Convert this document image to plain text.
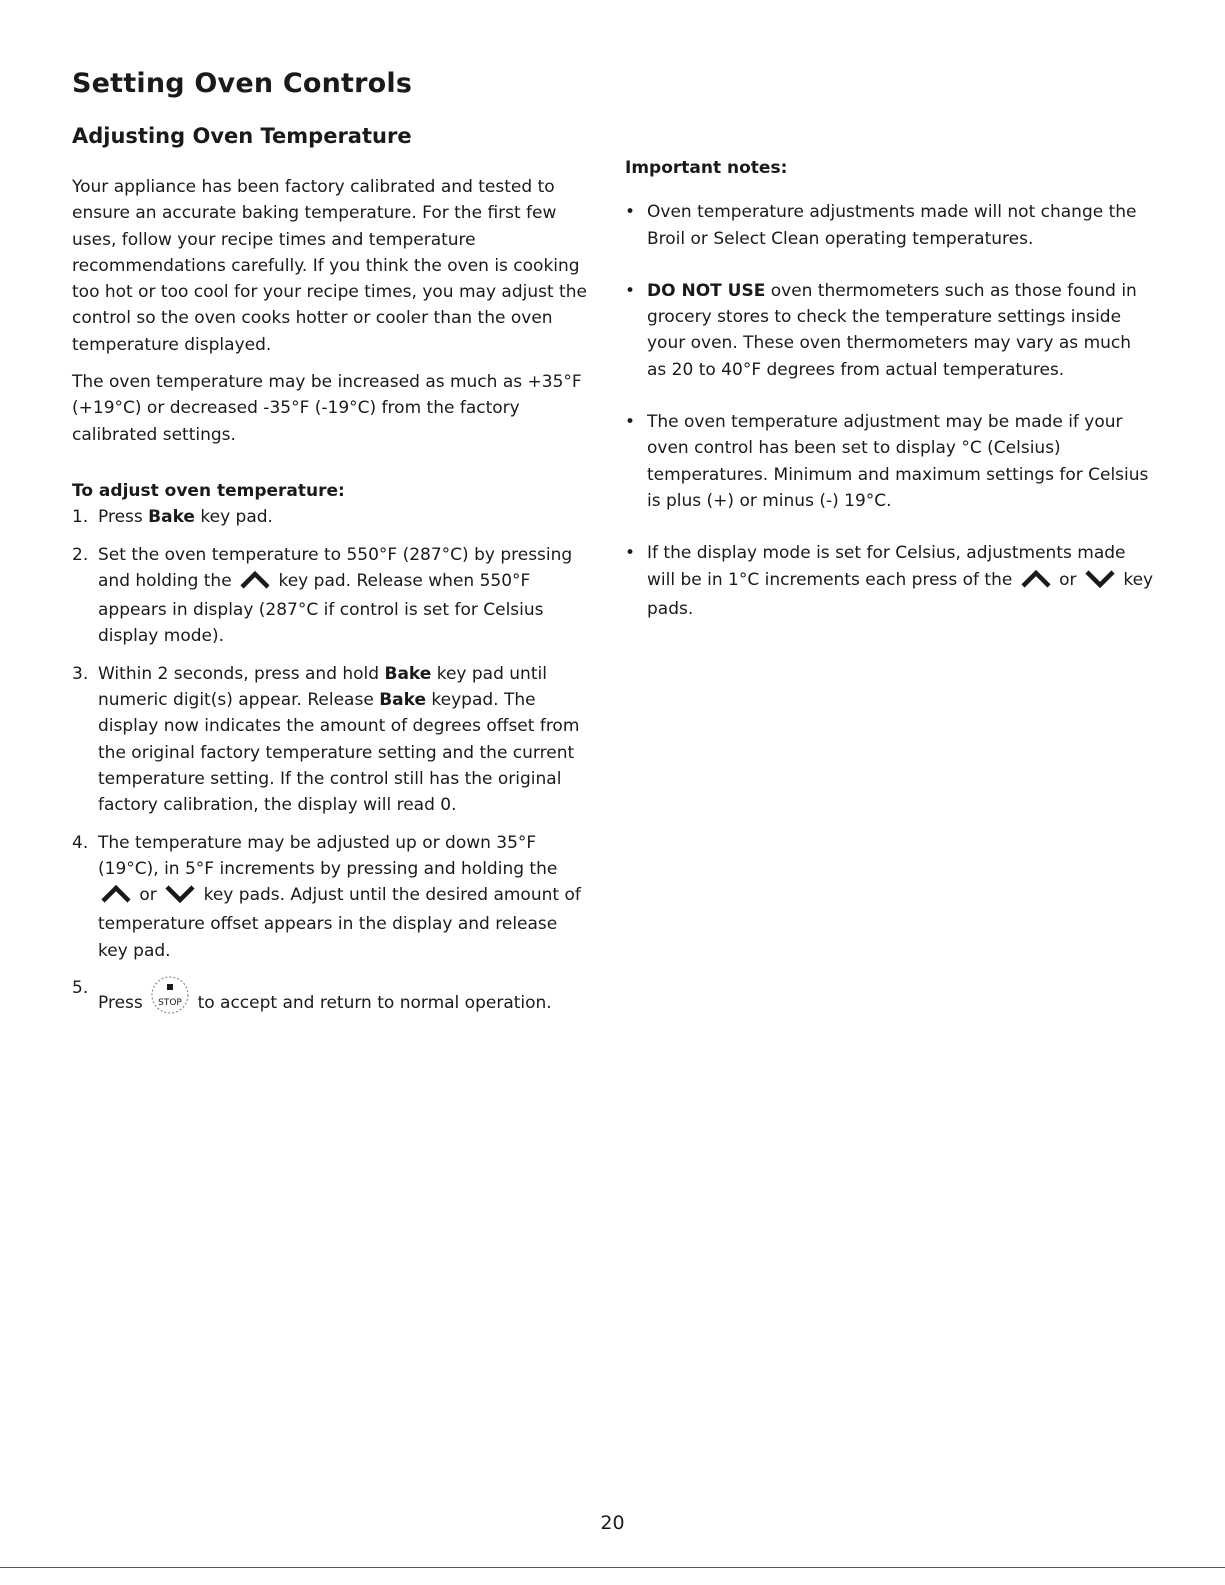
Setting Oven Controls
Adjusting Oven Temperature

Your appliance has been factory calibrated and tested to ensure an accurate baking temperature. For the first few uses, follow your recipe times and temperature recommendations carefully. If you think the oven is cooking too hot or too cool for your recipe times, you may adjust the control so the oven cooks hotter or cooler than the oven temperature displayed.

The oven temperature may be increased as much as +35°F (+19°C) or decreased -35°F (-19°C) from the factory calibrated settings.

To adjust oven temperature:

1. Press Bake key pad.
2. Set the oven temperature to 550°F (287°C) by pressing and holding the	key pad. Release when 550°F appears in display (287°C if control is set for Celsius display mode).
3. Within 2 seconds, press and hold Bake key pad until numeric digit(s) appear. Release Bake keypad. The display now indicates the amount of degrees offset from the original factory temperature setting and the current temperature setting. If the control still has the original factory calibration, the display will read 0.
4. The temperature may be adjusted up or down 35°F (19°C), in 5°F increments by pressing and holding the  or	key pads. Adjust until the desired amount of temperature offset appears in the display and release key pad.
5.
Press STOP to accept and return to normal operation.

Important notes:

• Oven temperature adjustments made will not change the Broil or Select Clean operating temperatures.
• DO NOT USE oven thermometers such as those found in grocery stores to check the temperature settings inside your oven. These oven thermometers may vary as much as 20 to 40°F degrees from actual temperatures.
• The oven temperature adjustment may be made if your oven control has been set to display °C (Celsius) temperatures. Minimum and maximum settings for Celsius is plus (+) or minus (-) 19°C.
• If the display mode is set for Celsius, adjustments made will be in 1°C increments each press of the	or	key pads.
20
